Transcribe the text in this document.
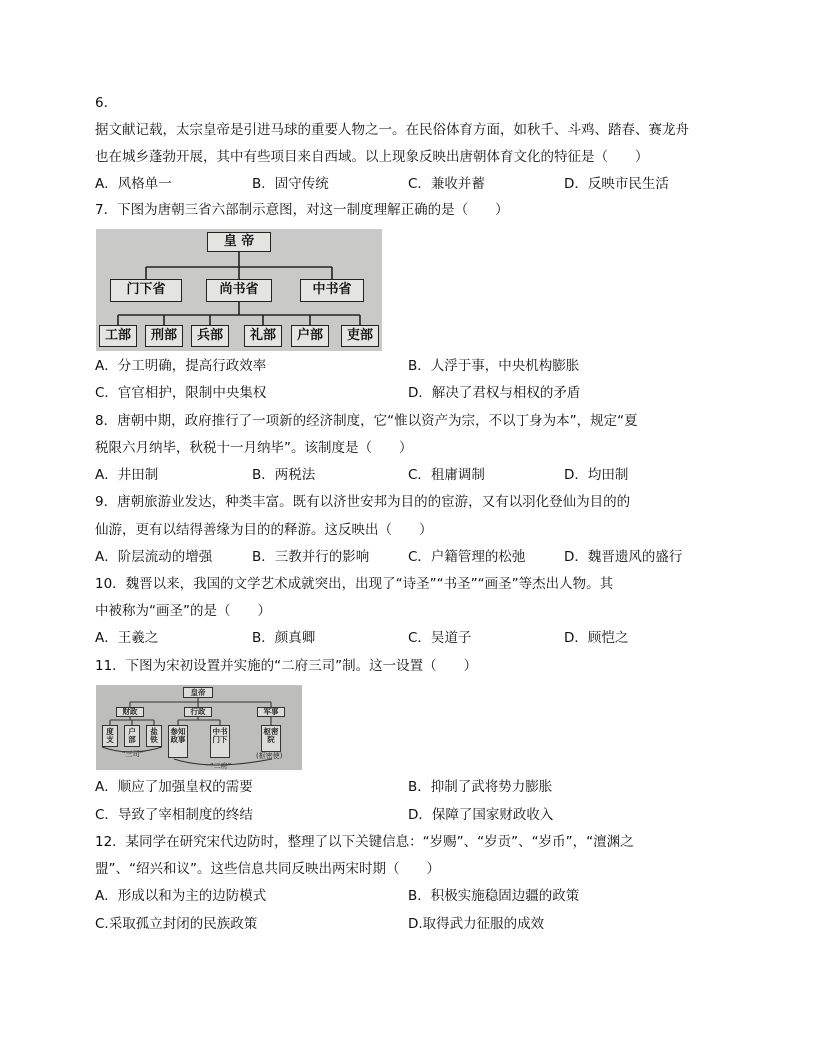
6.
据文献记载，太宗皇帝是引进马球的重要人物之一。在民俗体育方面，如秋千、斗鸡、踏春、赛龙舟
也在城乡蓬勃开展，其中有些项目来自西域。以上现象反映出唐朝体育文化的特征是（　　）
A．风格单一	B．固守传统	C．兼收并蓄	D．反映市民生活
7．下图为唐朝三省六部制示意图，对这一制度理解正确的是（　　）
皇 帝
门下省	尚书省	中书省
工部	刑部	兵部	礼部	户部	吏部
A．分工明确，提高行政效率	B．人浮于事，中央机构膨胀
C．官官相护，限制中央集权	D．解决了君权与相权的矛盾
8．唐朝中期，政府推行了一项新的经济制度，它“惟以资产为宗，不以丁身为本”，规定“夏
税限六月纳毕，秋税十一月纳毕”。该制度是（　　）
A．井田制	B．两税法	C．租庸调制	D．均田制
9．唐朝旅游业发达，种类丰富。既有以济世安邦为目的的宦游，又有以羽化登仙为目的的
仙游，更有以结得善缘为目的的释游。这反映出（　　）
A．阶层流动的增强	B．三教并行的影响	C．户籍管理的松弛	D．魏晋遗风的盛行
10．魏晋以来，我国的文学艺术成就突出，出现了“诗圣”“书圣”“画圣”等杰出人物。其
中被称为“画圣”的是（　　）
A．王羲之	B．颜真卿	C．吴道子	D．顾恺之
11．下图为宋初设置并实施的“二府三司”制。这一设置（　　）
皇帝
财政	行政	军事
度支
户部
盐铁
参知政事
中书门下
枢密院
“三司”	(枢密使)
“二府”
A．顺应了加强皇权的需要	B．抑制了武将势力膨胀
C．导致了宰相制度的终结	D．保障了国家财政收入
12．某同学在研究宋代边防时，整理了以下关键信息：“岁赐”、“岁贡”、“岁币”，“澶渊之
盟”、“绍兴和议”。这些信息共同反映出两宋时期（　　）
A．形成以和为主的边防模式	B．积极实施稳固边疆的政策
C.采取孤立封闭的民族政策	D.取得武力征服的成效
